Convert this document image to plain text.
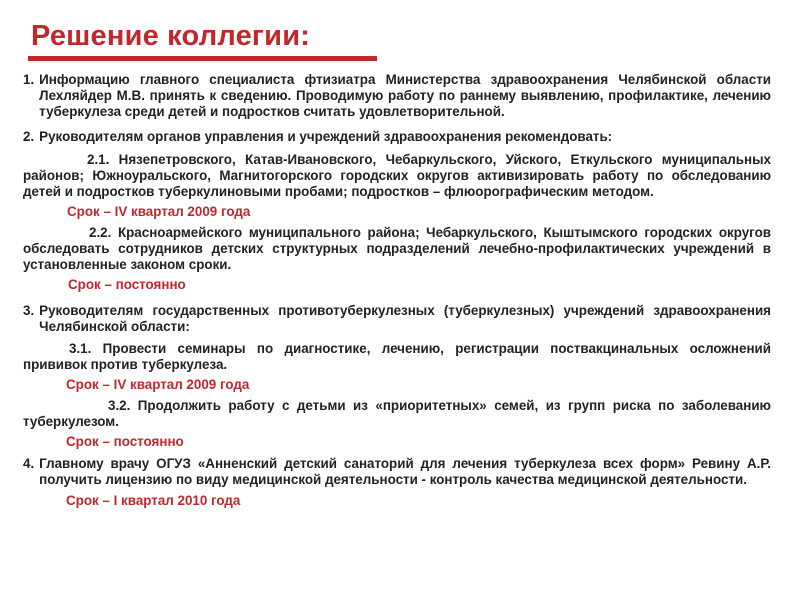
Решение коллегии:
1. Информацию главного специалиста фтизиатра Министерства здравоохранения Челябинской области Лехляйдер М.В. принять к сведению. Проводимую работу по раннему выявлению, профилактике, лечению туберкулеза среди детей и подростков считать удовлетворительной.
2. Руководителям органов управления и учреждений здравоохранения рекомендовать:

2.1. Нязепетровского, Катав-Ивановского, Чебаркульского, Уйского, Еткульского муниципальных районов; Южноуральского, Магнитогорского городских округов активизировать работу по обследованию детей и подростков туберкулиновыми пробами; подростков – флюорографическим методом.

Срок – IV квартал 2009 года

2.2. Красноармейского муниципального района; Чебаркульского, Кыштымского городских округов обследовать сотрудников детских структурных подразделений лечебно-профилактических учреждений в установленные законом сроки.

Срок – постоянно

3. Руководителям государственных противотуберкулезных (туберкулезных) учреждений здравоохранения Челябинской области:

3.1. Провести семинары по диагностике, лечению, регистрации поствакцинальных осложнений прививок против туберкулеза.

Срок – IV квартал 2009 года

3.2. Продолжить работу с детьми из «приоритетных» семей, из групп риска по заболеванию туберкулезом.

Срок – постоянно

4. Главному врачу ОГУЗ «Анненский детский санаторий для лечения туберкулеза всех форм» Ревину А.Р. получить лицензию по виду медицинской деятельности - контроль качества медицинской деятельности.

Срок – I квартал 2010 года
